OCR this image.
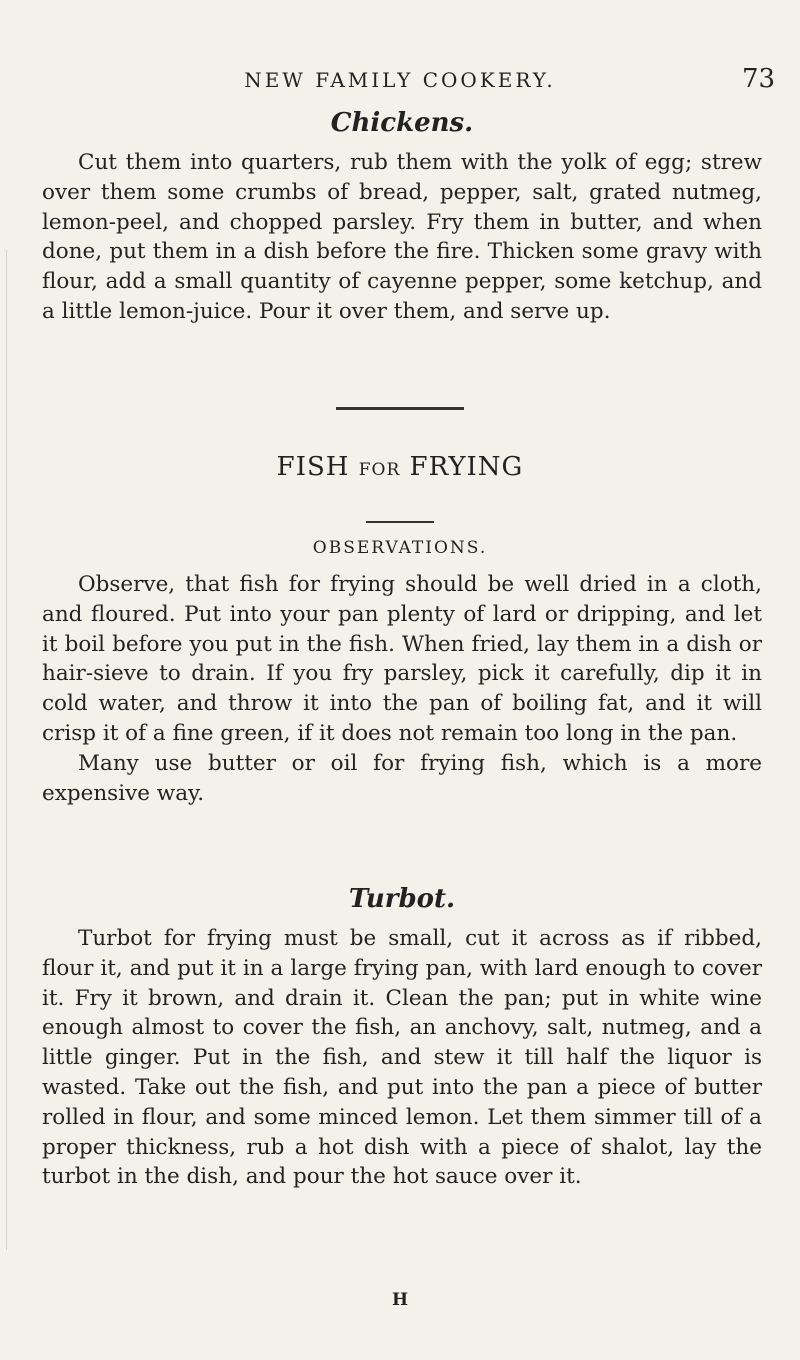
NEW FAMILY COOKERY.	73
Chickens.

Cut them into quarters, rub them with the yolk of egg; strew over them some crumbs of bread, pepper, salt, grated nutmeg, lemon-peel, and chopped parsley. Fry them in butter, and when done, put them in a dish before the fire. Thicken some gravy with flour, add a small quantity of cayenne pepper, some ketchup, and a little lemon-juice. Pour it over them, and serve up.

FISH FOR FRYING
OBSERVATIONS.

Observe, that fish for frying should be well dried in a cloth, and floured. Put into your pan plenty of lard or dripping, and let it boil before you put in the fish. When fried, lay them in a dish or hair-sieve to drain. If you fry parsley, pick it carefully, dip it in cold water, and throw it into the pan of boiling fat, and it will crisp it of a fine green, if it does not remain too long in the pan.

Many use butter or oil for frying fish, which is a more expensive way.

Turbot.

Turbot for frying must be small, cut it across as if ribbed, flour it, and put it in a large frying pan, with lard enough to cover it. Fry it brown, and drain it. Clean the pan; put in white wine enough almost to cover the fish, an anchovy, salt, nutmeg, and a little ginger. Put in the fish, and stew it till half the liquor is wasted. Take out the fish, and put into the pan a piece of butter rolled in flour, and some minced lemon. Let them simmer till of a proper thickness, rub a hot dish with a piece of shalot, lay the turbot in the dish, and pour the hot sauce over it.

H
